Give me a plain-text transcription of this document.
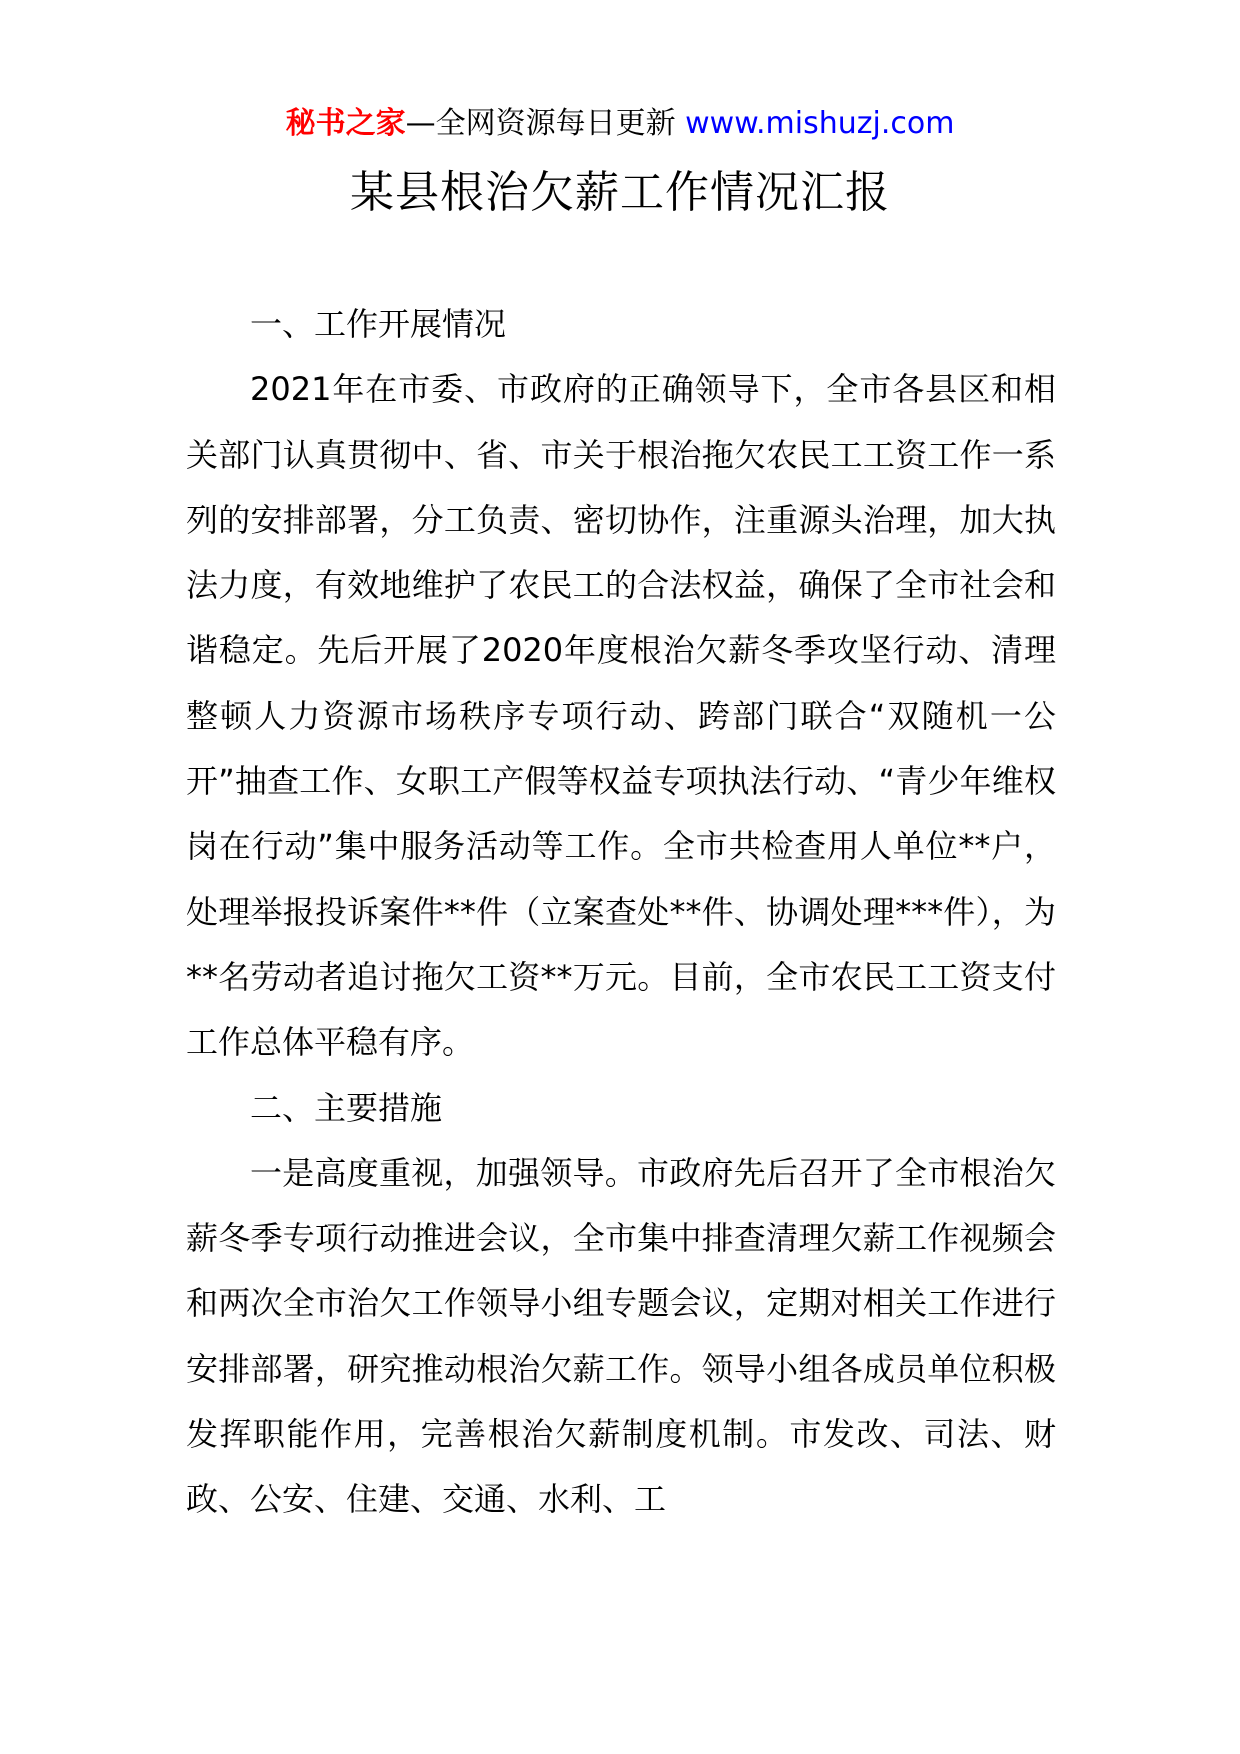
秘书之家—全网资源每日更新 www.mishuzj.com
某县根治欠薪工作情况汇报
一、工作开展情况

2021年在市委、市政府的正确领导下，全市各县区和相关部门认真贯彻中、省、市关于根治拖欠农民工工资工作一系列的安排部署，分工负责、密切协作，注重源头治理，加大执法力度，有效地维护了农民工的合法权益，确保了全市社会和谐稳定。先后开展了2020年度根治欠薪冬季攻坚行动、清理整顿人力资源市场秩序专项行动、跨部门联合“双随机一公开”抽查工作、女职工产假等权益专项执法行动、“青少年维权岗在行动”集中服务活动等工作。全市共检查用人单位**户，处理举报投诉案件**件（立案查处**件、协调处理***件），为**名劳动者追讨拖欠工资**万元。目前，全市农民工工资支付工作总体平稳有序。

二、主要措施

一是高度重视，加强领导。市政府先后召开了全市根治欠薪冬季专项行动推进会议，全市集中排查清理欠薪工作视频会和两次全市治欠工作领导小组专题会议，定期对相关工作进行安排部署，研究推动根治欠薪工作。领导小组各成员单位积极发挥职能作用，完善根治欠薪制度机制。市发改、司法、财政、公安、住建、交通、水利、工
